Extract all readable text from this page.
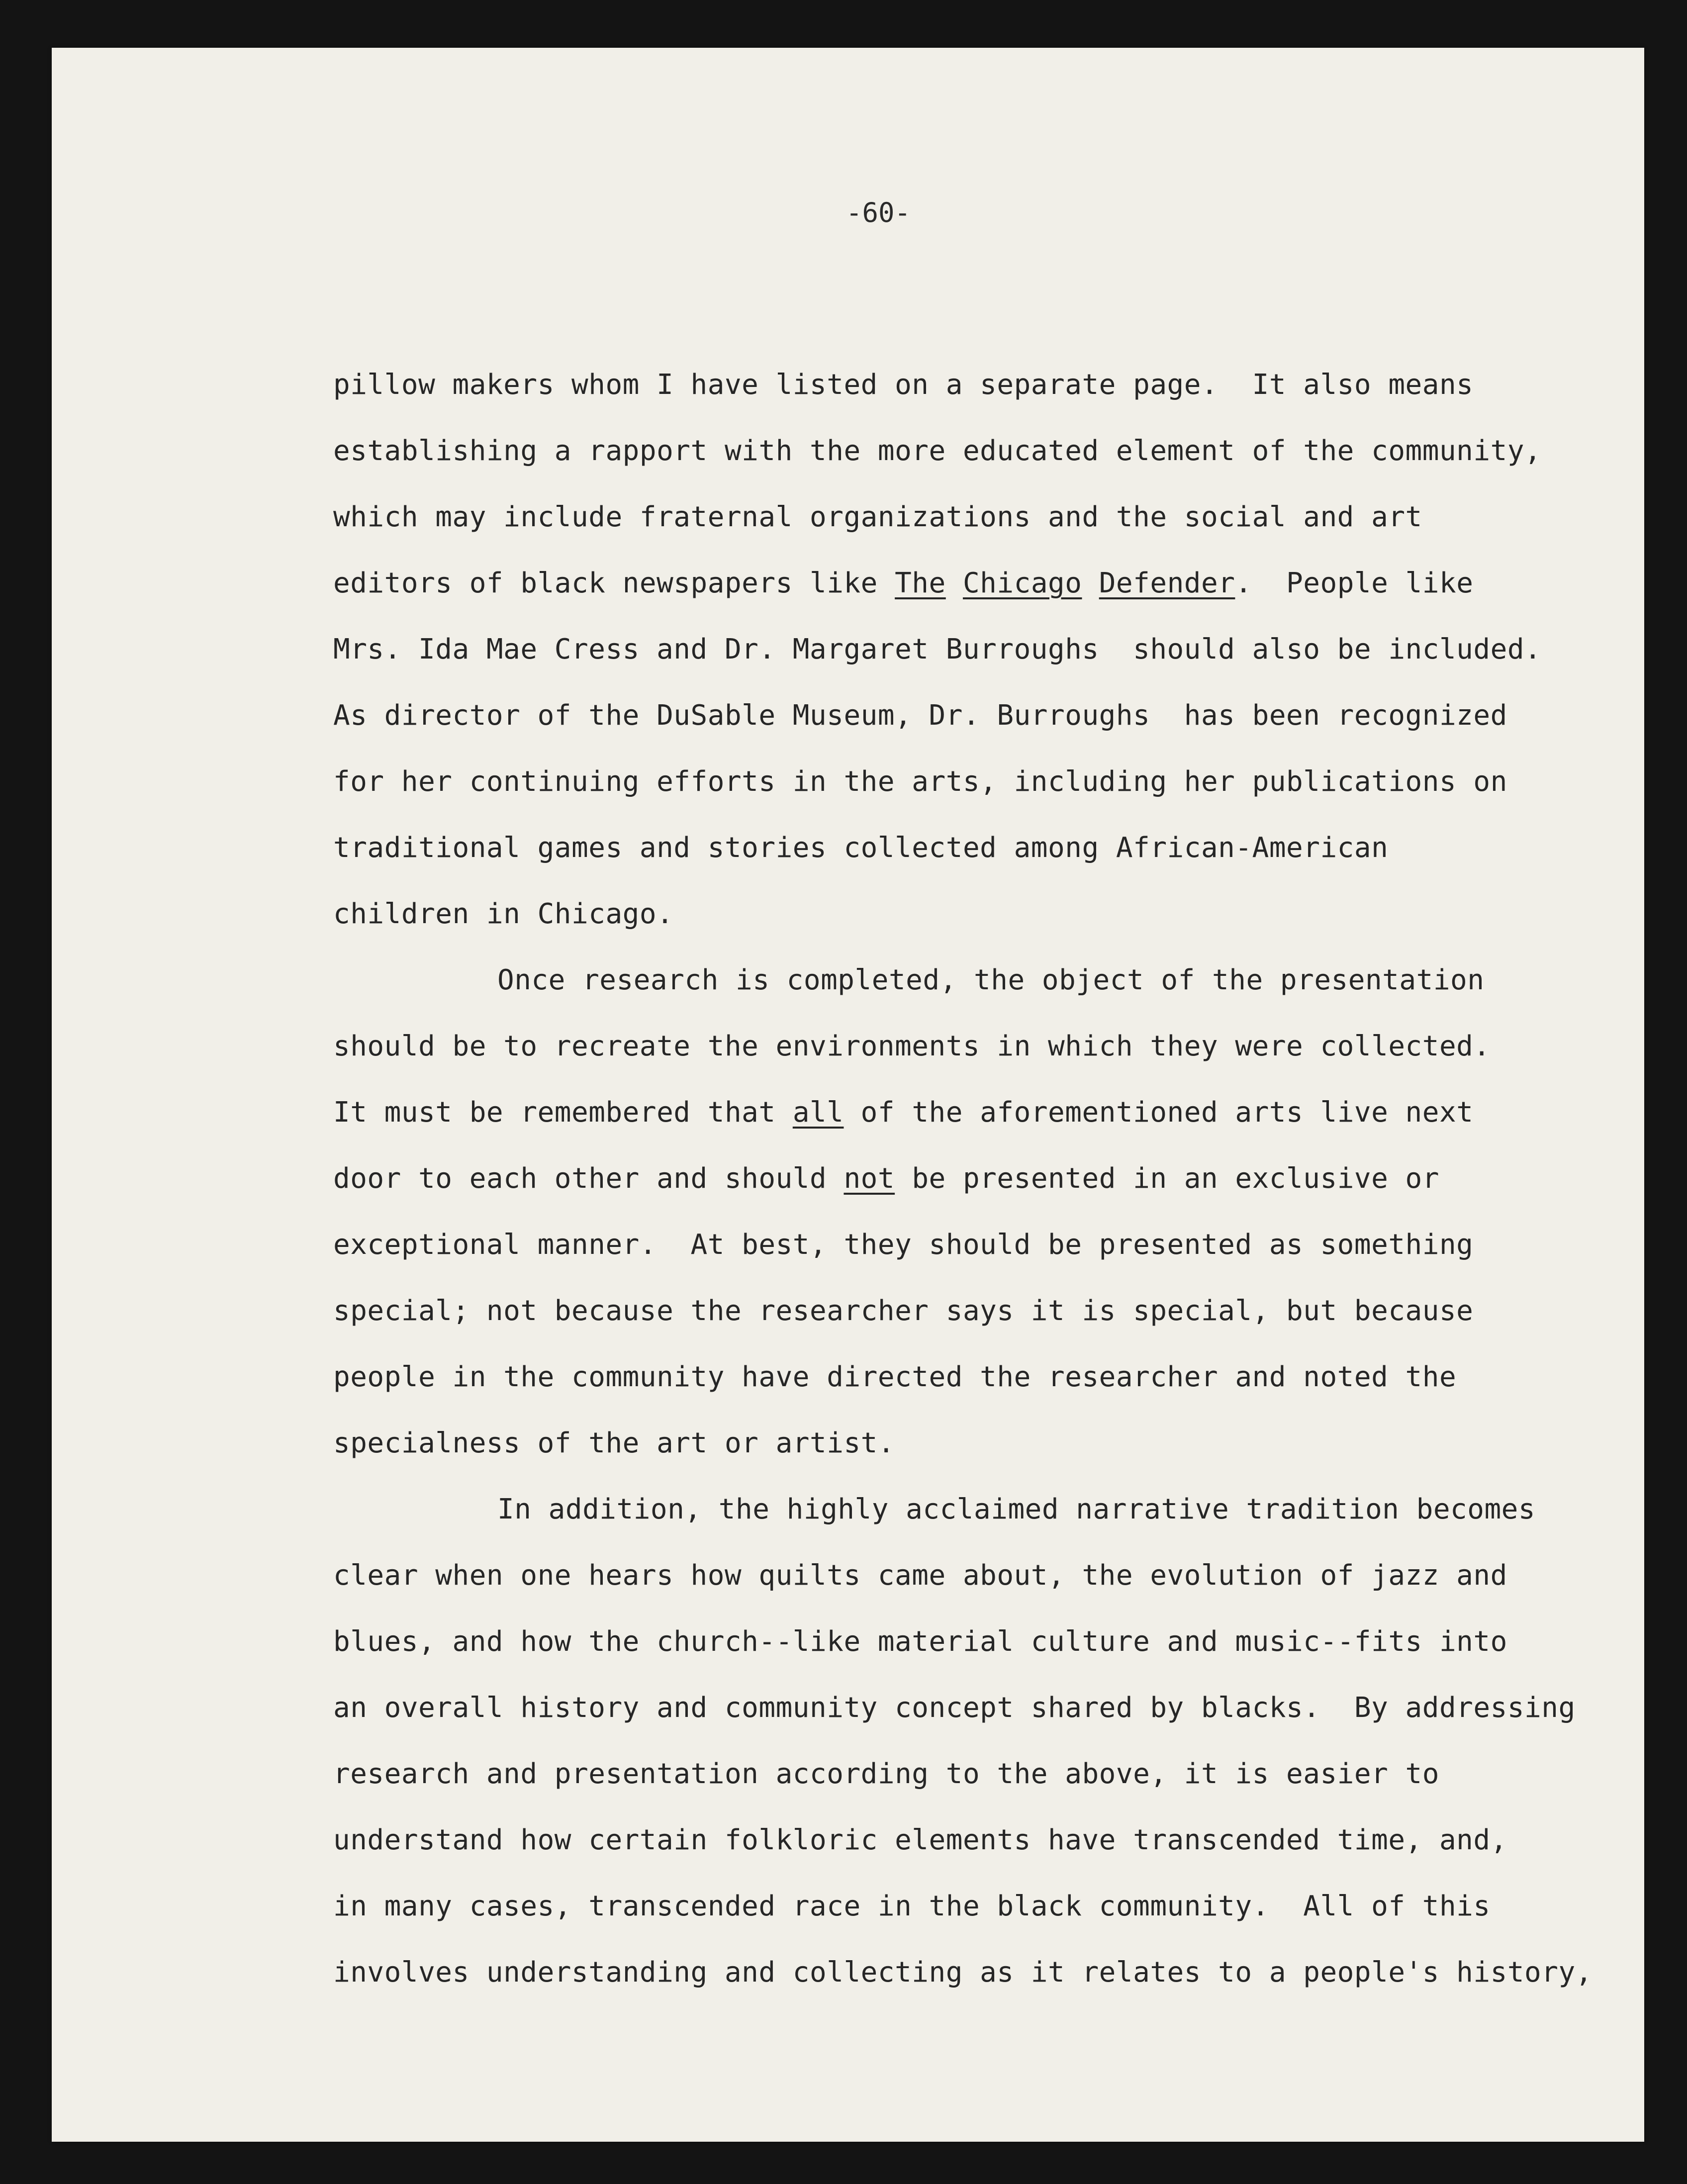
-60-
pillow makers whom I have listed on a separate page.  It also means
establishing a rapport with the more educated element of the community,
which may include fraternal organizations and the social and art
editors of black newspapers like The Chicago Defender.  People like
Mrs. Ida Mae Cress and Dr. Margaret Burroughs  should also be included.
As director of the DuSable Museum, Dr. Burroughs  has been recognized
for her continuing efforts in the arts, including her publications on
traditional games and stories collected among African-American
children in Chicago.
Once research is completed, the object of the presentation
should be to recreate the environments in which they were collected.
It must be remembered that all of the aforementioned arts live next
door to each other and should not be presented in an exclusive or
exceptional manner.  At best, they should be presented as something
special; not because the researcher says it is special, but because
people in the community have directed the researcher and noted the
specialness of the art or artist.
In addition, the highly acclaimed narrative tradition becomes
clear when one hears how quilts came about, the evolution of jazz and
blues, and how the church--like material culture and music--fits into
an overall history and community concept shared by blacks.  By addressing
research and presentation according to the above, it is easier to
understand how certain folkloric elements have transcended time, and,
in many cases, transcended race in the black community.  All of this
involves understanding and collecting as it relates to a people's history,
